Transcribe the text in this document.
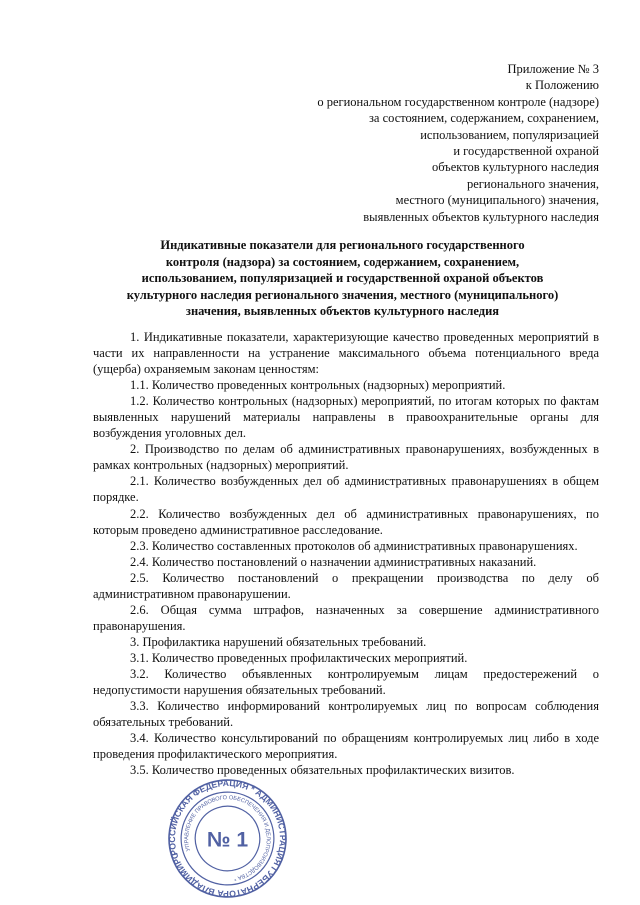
Приложение № 3
к Положению
о региональном государственном контроле (надзоре)
за состоянием, содержанием, сохранением,
использованием, популяризацией
и государственной охраной
объектов культурного наследия
регионального значения,
местного (муниципального) значения,
выявленных объектов культурного наследия
Индикативные показатели для регионального государственного
контроля (надзора) за состоянием, содержанием, сохранением,
использованием, популяризацией и государственной охраной объектов
культурного наследия регионального значения, местного (муниципального)
значения, выявленных объектов культурного наследия

1. Индикативные показатели, характеризующие качество проведенных мероприятий в части их направленности на устранение максимального объема потенциального вреда (ущерба) охраняемым законам ценностям:

1.1. Количество проведенных контрольных (надзорных) мероприятий.

1.2. Количество контрольных (надзорных) мероприятий, по итогам которых по фактам выявленных нарушений материалы направлены в правоохранительные органы для возбуждения уголовных дел.

2. Производство по делам об административных правонарушениях, возбужденных в рамках контрольных (надзорных) мероприятий.

2.1. Количество возбужденных дел об административных правонарушениях в общем порядке.

2.2. Количество возбужденных дел об административных правонарушениях, по которым проведено административное расследование.

2.3. Количество составленных протоколов об административных правонарушениях.

2.4. Количество постановлений о назначении административных наказаний.

2.5. Количество постановлений о прекращении производства по делу об административном правонарушении.

2.6. Общая сумма штрафов, назначенных за совершение административного правонарушения.

3. Профилактика нарушений обязательных требований.

3.1. Количество проведенных профилактических мероприятий.

3.2. Количество объявленных контролируемым лицам предостережений о недопустимости нарушения обязательных требований.

3.3. Количество информирований контролируемых лиц по вопросам соблюдения обязательных требований.

3.4. Количество консультирований по обращениям контролируемых лиц либо в ходе проведения профилактического мероприятия.

3.5. Количество проведенных обязательных профилактических визитов.

РОССИЙСКАЯ ФЕДЕРАЦИЯ * АДМИНИСТРАЦИЯ ГУБЕРНАТОРА ВЛАДИМИРСКОЙ
УПРАВЛЕНИЕ ПРАВОВОГО ОБЕСПЕЧЕНИЯ И ДЕЛОПРОИЗВОДСТВА *
№ 1
